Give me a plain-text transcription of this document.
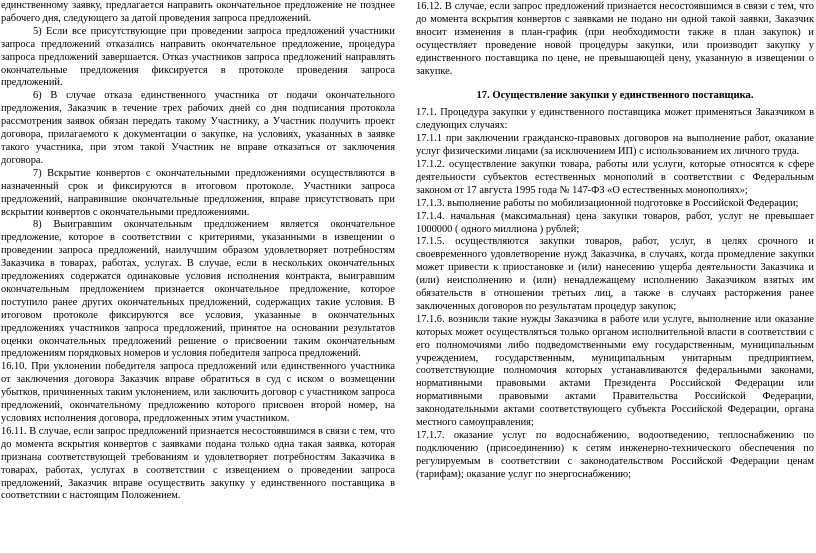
единственному заявку, предлагается направить окончательное предложение не позднее рабочего дня, следующего за датой проведения запроса предложений.

5) Если все присутствующие при проведении запроса предложений участники запроса предложений отказались направить окончательное предложение, процедура запроса предложений завершается. Отказ участников запроса предложений направлять окончательные предложения фиксируется в протоколе проведения запроса предложений.

6) В случае отказа единственного участника от подачи окончательного предложения, Заказчик в течение трех рабочих дней со дня подписания протокола рассмотрения заявок обязан передать такому Участнику, а Участник получить проект договора, прилагаемого к документации о закупке, на условиях, указанных в заявке такого участника, при этом такой Участник не вправе отказаться от заключения договора.

7) Вскрытие конвертов с окончательными предложениями осуществляются в назначенный срок и фиксируются в итоговом протоколе. Участники запроса предложений, направившие окончательные предложения, вправе присутствовать при вскрытии конвертов с окончательными предложениями.

8) Выигравшим окончательным предложением является окончательное предложение, которое в соответствии с критериями, указанными в извещении о проведении запроса предложений, наилучшим образом удовлетворяет потребностям Заказчика в товарах, работах, услугах. В случае, если в нескольких окончательных предложениях содержатся одинаковые условия исполнения контракта, выигравшим окончательным предложением признается окончательное предложение, которое поступило ранее других окончательных предложений, содержащих такие условия. В итоговом протоколе фиксируются все условия, указанные в окончательных предложениях участников запроса предложений, принятое на основании результатов оценки окончательных предложений решение о присвоении таким окончательным предложениям порядковых номеров и условия победителя запроса предложений.

16.10. При уклонении победителя запроса предложений или единственного участника от заключения договора Заказчик вправе обратиться в суд с иском о возмещении убытков, причиненных таким уклонением, или заключить договор с участником запроса предложений, окончательному предложению которого присвоен второй номер, на условиях исполнения договора, предложенных этим участником.

16.11. В случае, если запрос предложений признается несостоявшимся в связи с тем, что до момента вскрытия конвертов с заявками подана только одна такая заявка, которая признана соответствующей требованиям и удовлетворяет потребностям Заказчика в товарах, работах, услугах в соответствии с извещением о проведении запроса предложений, Заказчик вправе осуществить закупку у единственного поставщика в соответствии с настоящим Положением.

16.12. В случае, если запрос предложений признается несостоявшимся в связи с тем, что до момента вскрытия конвертов с заявками не подано ни одной такой заявки, Заказчик вносит изменения в план-график (при необходимости также в план закупок) и осуществляет проведение новой процедуры закупки, или производит закупку у единственного поставщика по цене, не превышающей цену, указанную в извещении о закупке.

17. Осуществление закупки у единственного поставщика.

17.1. Процедура закупки у единственного поставщика может применяться Заказчиком в следующих случаях:

17.1.1 при заключении гражданско-правовых договоров на выполнение работ, оказание услуг физическими лицами (за исключением ИП) с использованием их личного труда.

17.1.2. осуществление закупки товара, работы или услуги, которые относятся к сфере деятельности субъектов естественных монополий в соответствии с Федеральным законом от 17 августа 1995 года № 147-ФЗ «О естественных монополиях»;

17.1.3. выполнение работы по мобилизационной подготовке в Российской Федерации;

17.1.4. начальная (максимальная) цена закупки товаров, работ, услуг не превышает 1000000 ( одного миллиона ) рублей;

17.1.5. осуществляются закупки товаров, работ, услуг, в целях срочного и своевременного удовлетворение нужд Заказчика, в случаях, когда промедление закупки может привести к приостановке и (или) нанесению ущерба деятельности Заказчика и (или) неисполнению и (или) ненадлежащему исполнению Заказчиком взятых им обязательств в отношении третьих лиц, а также в случаях расторжения ранее заключенных договоров по результатам процедур закупок;

17.1.6. возникли такие нужды Заказчика в работе или услуге, выполнение или оказание которых может осуществляться только органом исполнительной власти в соответствии с его полномочиями либо подведомственными ему государственным, муниципальным учреждением, государственным, муниципальным унитарным предприятием, соответствующие полномочия которых устанавливаются федеральными законами, нормативными правовыми актами Президента Российской Федерации или нормативными правовыми актами Правительства Российской Федерации, законодательными актами соответствующего субъекта Российской Федерации, органа местного самоуправления;

17.1.7. оказание услуг по водоснабжению, водоотведению, теплоснабжению по подключению (присоединению) к сетям инженерно-технического обеспечения по регулируемым в соответствии с законодательством Российской Федерации ценам (тарифам); оказание услуг по энергоснабжению;
